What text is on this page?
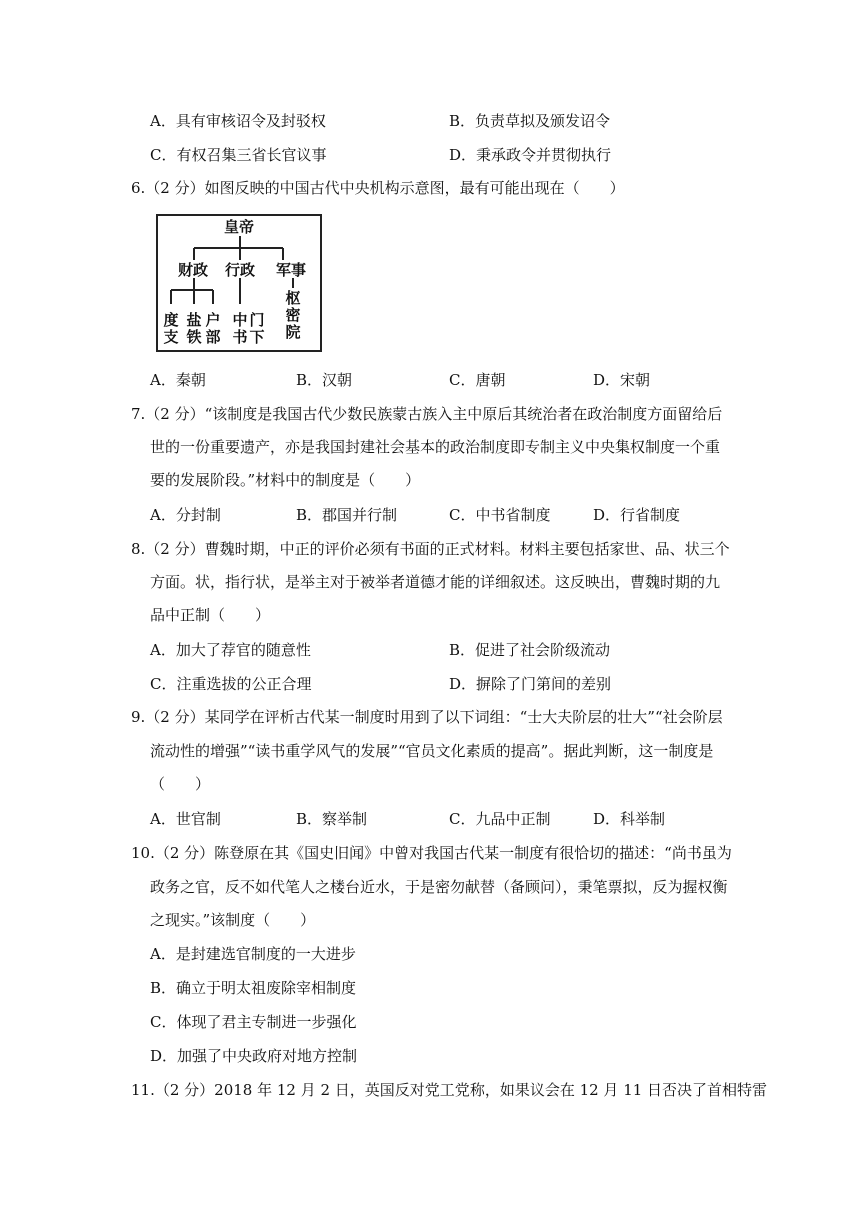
A．具有审核诏令及封驳权	B．负责草拟及颁发诏令
C．有权召集三省长官议事	D．秉承政令并贯彻执行
6.（2 分）如图反映的中国古代中央机构示意图，最有可能出现在（　　）
皇帝
财政 行政 军事
度支
盐铁
户部
中书
门下
枢密院
A．秦朝	B．汉朝	C．唐朝	D．宋朝
7.（2 分）“该制度是我国古代少数民族蒙古族入主中原后其统治者在政治制度方面留给后
世的一份重要遗产，亦是我国封建社会基本的政治制度即专制主义中央集权制度一个重
要的发展阶段。”材料中的制度是（　　）
A．分封制	B．郡国并行制	C．中书省制度	D．行省制度
8.（2 分）曹魏时期，中正的评价必须有书面的正式材料。材料主要包括家世、品、状三个
方面。状，指行状，是举主对于被举者道德才能的详细叙述。这反映出，曹魏时期的九
品中正制（　　）
A．加大了荐官的随意性	B．促进了社会阶级流动
C．注重选拔的公正合理	D．摒除了门第间的差别
9.（2 分）某同学在评析古代某一制度时用到了以下词组：“士大夫阶层的壮大”“社会阶层
流动性的增强”“读书重学风气的发展”“官员文化素质的提高”。据此判断，这一制度是
（　　）
A．世官制	B．察举制	C．九品中正制	D．科举制
10.（2 分）陈登原在其《国史旧闻》中曾对我国古代某一制度有很恰切的描述：“尚书虽为
政务之官，反不如代笔人之楼台近水，于是密勿献替（备顾问），秉笔票拟，反为握权衡
之现实。”该制度（　　）
A．是封建选官制度的一大进步
B．确立于明太祖废除宰相制度
C．体现了君主专制进一步强化
D．加强了中央政府对地方控制
11.（2 分）2018 年 12 月 2 日，英国反对党工党称，如果议会在 12 月 11 日否决了首相特雷
